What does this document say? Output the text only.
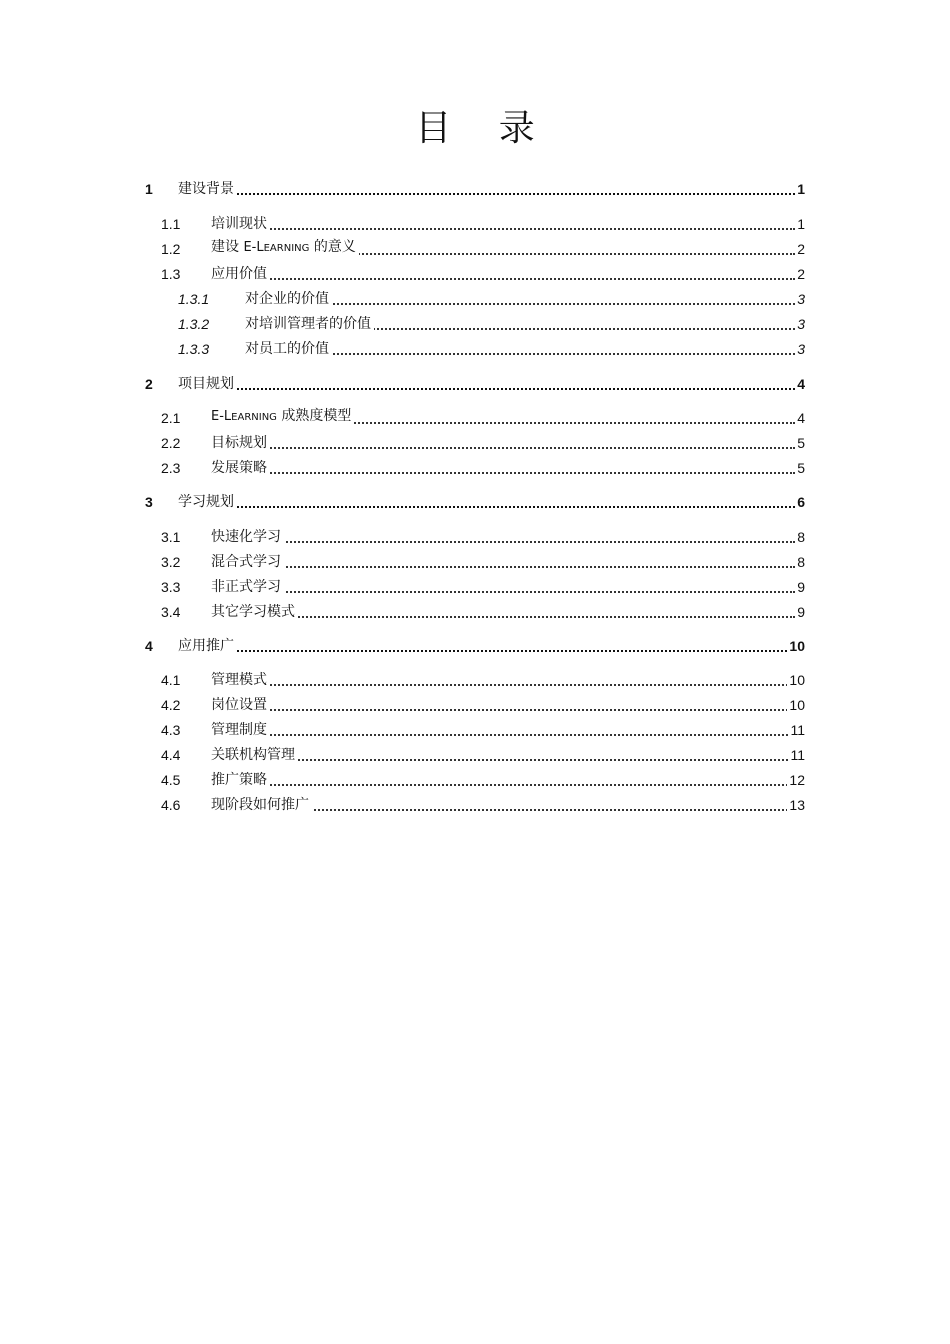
目 录
1 建设背景	1
1.1 培训现状	1
1.2 建设 E-LEARNING 的意义	2
1.3 应用价值	2
1.3.1	对企业的价值	3
1.3.2	对培训管理者的价值	3
1.3.3	对员工的价值	3
2 项目规划	4
2.1 E-LEARNING 成熟度模型	4
2.2 目标规划	5
2.3 发展策略	5
3 学习规划	6
3.1 快速化学习	8
3.2 混合式学习	8
3.3 非正式学习	9
3.4 其它学习模式	9
4 应用推广	10
4.1 管理模式	10
4.2 岗位设置	10
4.3 管理制度	11
4.4 关联机构管理	11
4.5 推广策略	12
4.6 现阶段如何推广	13
